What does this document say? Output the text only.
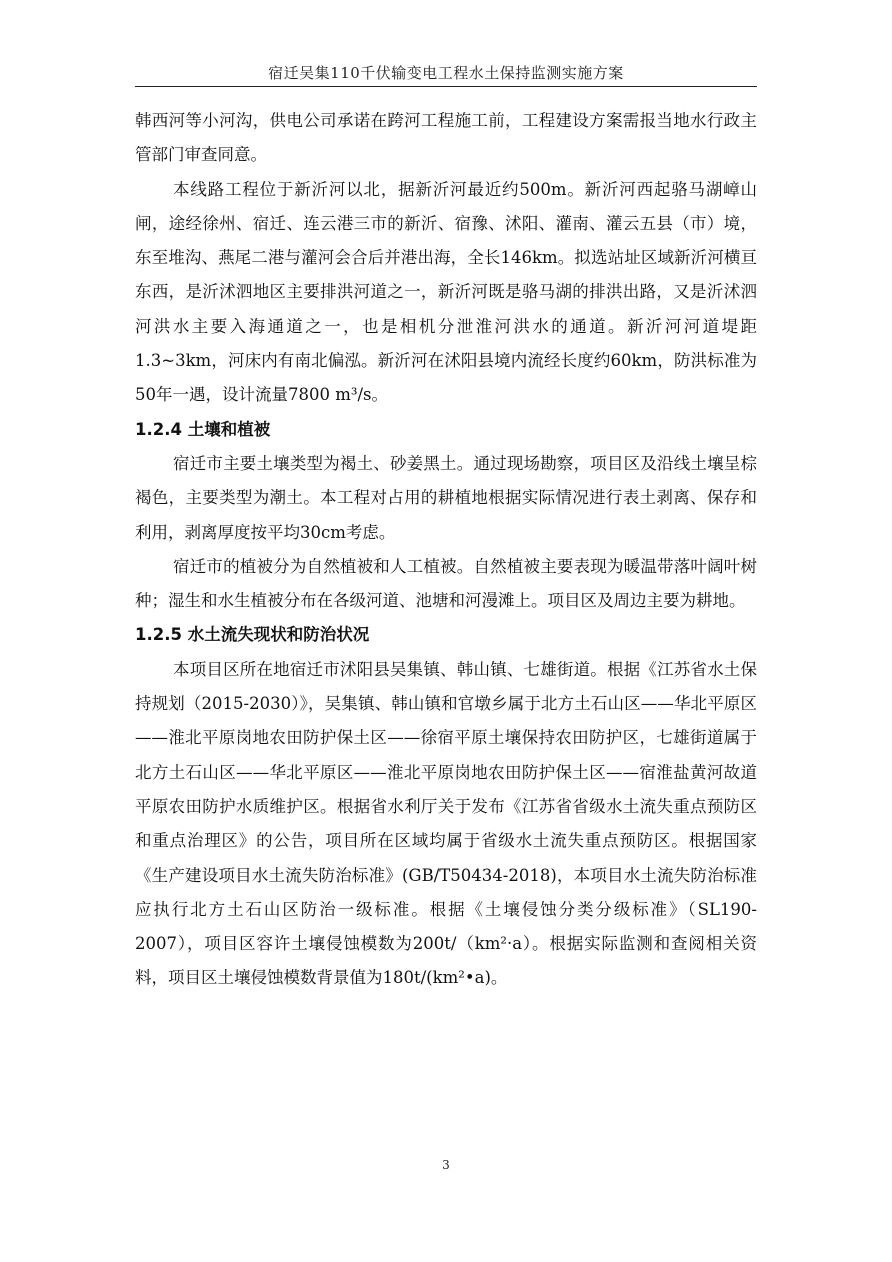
宿迁吴集110千伏输变电工程水土保持监测实施方案

韩西河等小河沟，供电公司承诺在跨河工程施工前，工程建设方案需报当地水行政主管部门审查同意。

本线路工程位于新沂河以北，据新沂河最近约500m。新沂河西起骆马湖嶂山闸，途经徐州、宿迁、连云港三市的新沂、宿豫、沭阳、灌南、灌云五县（市）境，东至堆沟、燕尾二港与灌河会合后并港出海，全长146km。拟选站址区域新沂河横亘东西，是沂沭泗地区主要排洪河道之一，新沂河既是骆马湖的排洪出路，又是沂沭泗河洪水主要入海通道之一，也是相机分泄淮河洪水的通道。新沂河河道堤距1.3~3km，河床内有南北偏泓。新沂河在沭阳县境内流经长度约60km，防洪标准为50年一遇，设计流量7800 m³/s。

1.2.4 土壤和植被

宿迁市主要土壤类型为褐土、砂姜黑土。通过现场勘察，项目区及沿线土壤呈棕褐色，主要类型为潮土。本工程对占用的耕植地根据实际情况进行表土剥离、保存和利用，剥离厚度按平均30cm考虑。

宿迁市的植被分为自然植被和人工植被。自然植被主要表现为暖温带落叶阔叶树种；湿生和水生植被分布在各级河道、池塘和河漫滩上。项目区及周边主要为耕地。

1.2.5 水土流失现状和防治状况

本项目区所在地宿迁市沭阳县吴集镇、韩山镇、七雄街道。根据《江苏省水土保持规划（2015-2030）》，吴集镇、韩山镇和官墩乡属于北方土石山区——华北平原区——淮北平原岗地农田防护保土区——徐宿平原土壤保持农田防护区，七雄街道属于北方土石山区——华北平原区——淮北平原岗地农田防护保土区——宿淮盐黄河故道平原农田防护水质维护区。根据省水利厅关于发布《江苏省省级水土流失重点预防区和重点治理区》的公告，项目所在区域均属于省级水土流失重点预防区。根据国家《生产建设项目水土流失防治标准》(GB/T50434-2018)，本项目水土流失防治标准应执行北方土石山区防治一级标准。根据《土壤侵蚀分类分级标准》（SL190-2007），项目区容许土壤侵蚀模数为200t/（km²·a）。根据实际监测和查阅相关资料，项目区土壤侵蚀模数背景值为180t/(km²•a)。

3
